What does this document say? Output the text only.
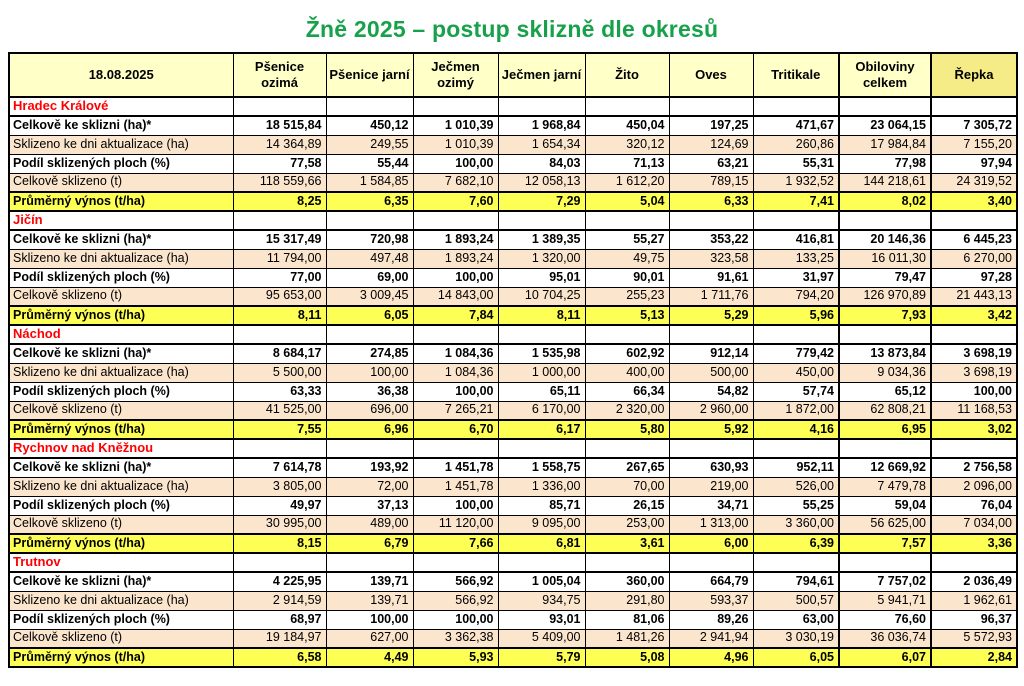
Žně 2025 – postup sklizně dle okresů
18.08.2025	Pšenice ozimá	Pšenice jarní	Ječmen ozimý	Ječmen jarní	Žito	Oves	Tritikale	Obiloviny celkem	Řepka
Hradec Králové									
Celkově ke sklizni (ha)*	18 515,84	450,12	1 010,39	1 968,84	450,04	197,25	471,67	23 064,15	7 305,72
Sklizeno ke dni aktualizace (ha)	14 364,89	249,55	1 010,39	1 654,34	320,12	124,69	260,86	17 984,84	7 155,20
Podíl sklizených ploch (%)	77,58	55,44	100,00	84,03	71,13	63,21	55,31	77,98	97,94
Celkově sklizeno (t)	118 559,66	1 584,85	7 682,10	12 058,13	1 612,20	789,15	1 932,52	144 218,61	24 319,52
Průměrný výnos (t/ha)	8,25	6,35	7,60	7,29	5,04	6,33	7,41	8,02	3,40
Jičín									
Celkově ke sklizni (ha)*	15 317,49	720,98	1 893,24	1 389,35	55,27	353,22	416,81	20 146,36	6 445,23
Sklizeno ke dni aktualizace (ha)	11 794,00	497,48	1 893,24	1 320,00	49,75	323,58	133,25	16 011,30	6 270,00
Podíl sklizených ploch (%)	77,00	69,00	100,00	95,01	90,01	91,61	31,97	79,47	97,28
Celkově sklizeno (t)	95 653,00	3 009,45	14 843,00	10 704,25	255,23	1 711,76	794,20	126 970,89	21 443,13
Průměrný výnos (t/ha)	8,11	6,05	7,84	8,11	5,13	5,29	5,96	7,93	3,42
Náchod									
Celkově ke sklizni (ha)*	8 684,17	274,85	1 084,36	1 535,98	602,92	912,14	779,42	13 873,84	3 698,19
Sklizeno ke dni aktualizace (ha)	5 500,00	100,00	1 084,36	1 000,00	400,00	500,00	450,00	9 034,36	3 698,19
Podíl sklizených ploch (%)	63,33	36,38	100,00	65,11	66,34	54,82	57,74	65,12	100,00
Celkově sklizeno (t)	41 525,00	696,00	7 265,21	6 170,00	2 320,00	2 960,00	1 872,00	62 808,21	11 168,53
Průměrný výnos (t/ha)	7,55	6,96	6,70	6,17	5,80	5,92	4,16	6,95	3,02
Rychnov nad Kněžnou									
Celkově ke sklizni (ha)*	7 614,78	193,92	1 451,78	1 558,75	267,65	630,93	952,11	12 669,92	2 756,58
Sklizeno ke dni aktualizace (ha)	3 805,00	72,00	1 451,78	1 336,00	70,00	219,00	526,00	7 479,78	2 096,00
Podíl sklizených ploch (%)	49,97	37,13	100,00	85,71	26,15	34,71	55,25	59,04	76,04
Celkově sklizeno (t)	30 995,00	489,00	11 120,00	9 095,00	253,00	1 313,00	3 360,00	56 625,00	7 034,00
Průměrný výnos (t/ha)	8,15	6,79	7,66	6,81	3,61	6,00	6,39	7,57	3,36
Trutnov									
Celkově ke sklizni (ha)*	4 225,95	139,71	566,92	1 005,04	360,00	664,79	794,61	7 757,02	2 036,49
Sklizeno ke dni aktualizace (ha)	2 914,59	139,71	566,92	934,75	291,80	593,37	500,57	5 941,71	1 962,61
Podíl sklizených ploch (%)	68,97	100,00	100,00	93,01	81,06	89,26	63,00	76,60	96,37
Celkově sklizeno (t)	19 184,97	627,00	3 362,38	5 409,00	1 481,26	2 941,94	3 030,19	36 036,74	5 572,93
Průměrný výnos (t/ha)	6,58	4,49	5,93	5,79	5,08	4,96	6,05	6,07	2,84
